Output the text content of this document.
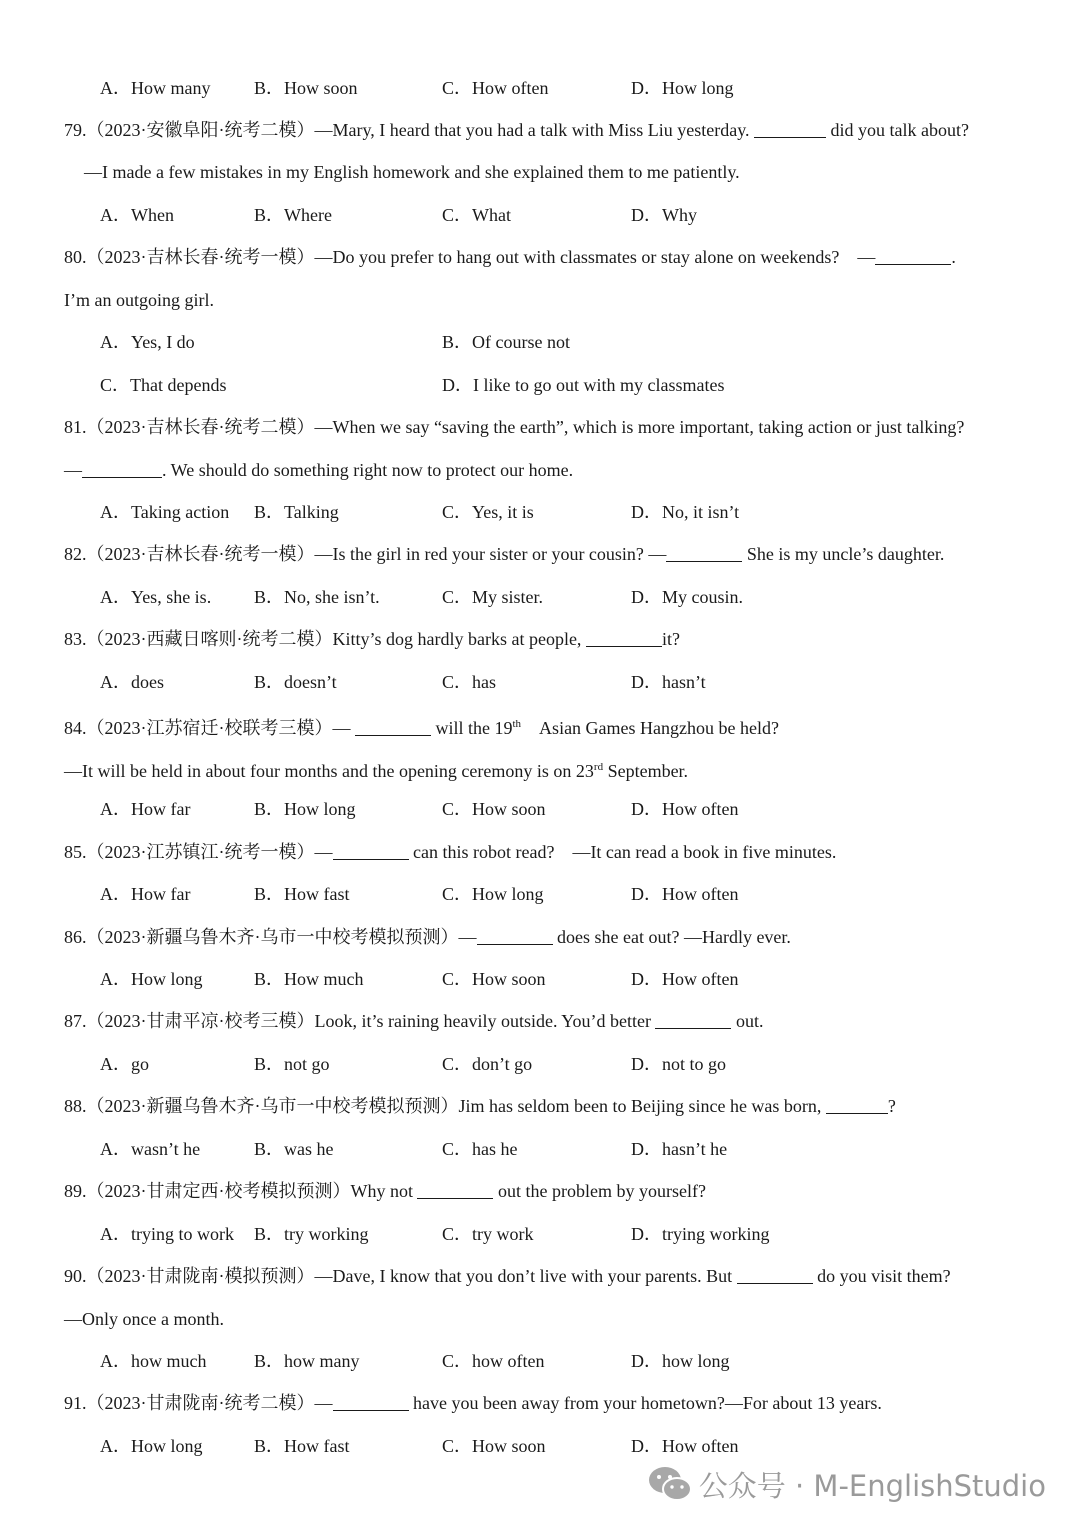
A．How many B．How soon	C．How often	D．How long
79.（2023·安徽阜阳·统考二模）—Mary, I heard that you had a talk with Miss Liu yesterday.	did you talk about?
—I made a few mistakes in my English homework and she explained them to me patiently.
A．When	B．Where	C．What	D．Why
80.（2023·吉林长春·统考一模）—Do you prefer to hang out with classmates or stay alone on weekends?　—	.
I’m an outgoing girl.
A．Yes, I do	B．Of course not
C．That depends	D．I like to go out with my classmates
81.（2023·吉林长春·统考二模）—When we say “saving the earth”, which is more important, taking action or just talking?
—	. We should do something right now to protect our home.
A．Taking action B．Talking	C．Yes, it is	D．No, it isn’t
82.（2023·吉林长春·统考一模）—Is the girl in red your sister or your cousin? —	She is my uncle’s daughter.
A．Yes, she is. B．No, she isn’t.	C．My sister.	D．My cousin.
83.（2023·西藏日喀则·统考二模）Kitty’s dog hardly barks at people,	it?
A．does	B．doesn’t	C．has	D．hasn’t
84.（2023·江苏宿迁·校联考三模）—	will the 19th　Asian Games Hangzhou be held?
—It will be held in about four months and the opening ceremony is on 23rd September.
A．How far	B．How long	C．How soon	D．How often
85.（2023·江苏镇江·统考一模）—	can this robot read?　—It can read a book in five minutes.
A．How far	B．How fast	C．How long	D．How often
86.（2023·新疆乌鲁木齐·乌市一中校考模拟预测）—	does she eat out? —Hardly ever.
A．How long	B．How much	C．How soon	D．How often
87.（2023·甘肃平凉·校考三模）Look, it’s raining heavily outside. You’d better	out.
A．go	B．not go	C．don’t go	D．not to go
88.（2023·新疆乌鲁木齐·乌市一中校考模拟预测）Jim has seldom been to Beijing since he was born,	?
A．wasn’t he	B．was he	C．has he	D．hasn’t he
89.（2023·甘肃定西·校考模拟预测）Why not	out the problem by yourself?
A．trying to work B．try working	C．try work	D．trying working
90.（2023·甘肃陇南·模拟预测）—Dave, I know that you don’t live with your parents. But	do you visit them?
—Only once a month.
A．how much	B．how many	C．how often	D．how long
91.（2023·甘肃陇南·统考二模）—	have you been away from your hometown?—For about 13 years.
A．How long	B．How fast	C．How soon	D．How often
公众号 · M-EnglishStudio
